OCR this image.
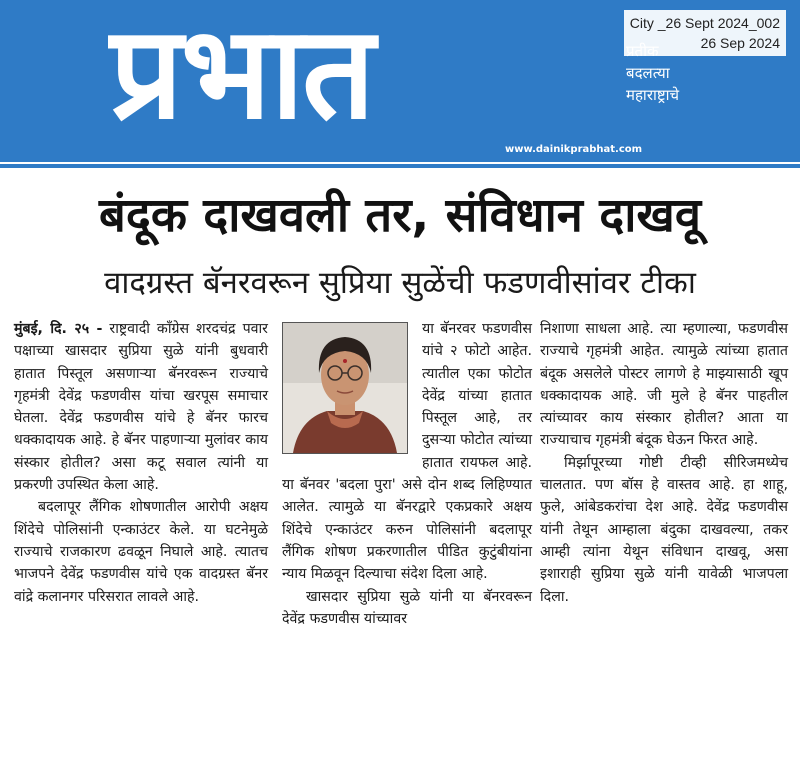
प्रभात	बदलत्या
महाराष्ट्राचे
www.dainikprabhat.com
City _26 Sept 2024_002
26 Sep 2024
बंदूक दाखवली तर, संविधान दाखवू
वादग्रस्त बॅनरवरून सुप्रिया सुळेंची फडणवीसांवर टीका

मुंबई, दि. २५ - राष्ट्रवादी काँग्रेस शरदचंद्र पवार पक्षाच्या खासदार सुप्रिया सुळे यांनी बुधवारी हातात पिस्तूल असणाऱ्या बॅनरवरून राज्याचे गृहमंत्री देवेंद्र फडणवीस यांचा खरपूस समाचार घेतला. देवेंद्र फडणवीस यांचे हे बॅनर फारच धक्कादायक आहे. हे बॅनर पाहणाऱ्या मुलांवर काय संस्कार होतील? असा कटू सवाल त्यांनी या प्रकरणी उपस्थित केला आहे.

बदलापूर लैंगिक शोषणातील आरोपी अक्षय शिंदेचे पोलिसांनी एन्काउंटर केले. या घटनेमुळे राज्याचे राजकारण ढवळून निघाले आहे. त्यातच भाजपने देवेंद्र फडणवीस यांचे एक वादग्रस्त बॅनर वांद्रे कलानगर परिसरात लावले आहे.

या बॅनरवर फडणवीस यांचे २ फोटो आहेत. त्यातील एका फोटोत देवेंद्र यांच्या हातात पिस्तूल आहे, तर दुसऱ्या फोटोत त्यांच्या हातात रायफल आहे. या बॅनवर 'बदला पुरा' असे दोन शब्द लिहिण्यात आलेत. त्यामुळे या बॅनरद्वारे एकप्रकारे अक्षय शिंदेचे एन्काउंटर करुन पोलिसांनी बदलापूर लैंगिक शोषण प्रकरणातील पीडित कुटुंबीयांना न्याय मिळवून दिल्याचा संदेश दिला आहे.

खासदार सुप्रिया सुळे यांनी या बॅनरवरून देवेंद्र फडणवीस यांच्यावर

निशाणा साधला आहे. त्या म्हणाल्या, फडणवीस राज्याचे गृहमंत्री आहेत. त्यामुळे त्यांच्या हातात बंदूक असलेले पोस्टर लागणे हे माझ्यासाठी खूप धक्कादायक आहे. जी मुले हे बॅनर पाहतील त्यांच्यावर काय संस्कार होतील? आता या राज्याचाच गृहमंत्री बंदूक घेऊन फिरत आहे.

मिर्झापूरच्या गोष्टी टीव्ही सीरिजमध्येच चालतात. पण बॉस हे वास्तव आहे. हा शाहू, फुले, आंबेडकरांचा देश आहे. देवेंद्र फडणवीस यांनी तेथून आम्हाला बंदुका दाखवल्या, तकर आम्ही त्यांना येथून संविधान दाखवू, असा इशाराही सुप्रिया सुळे यांनी यावेळी भाजपला दिला.
